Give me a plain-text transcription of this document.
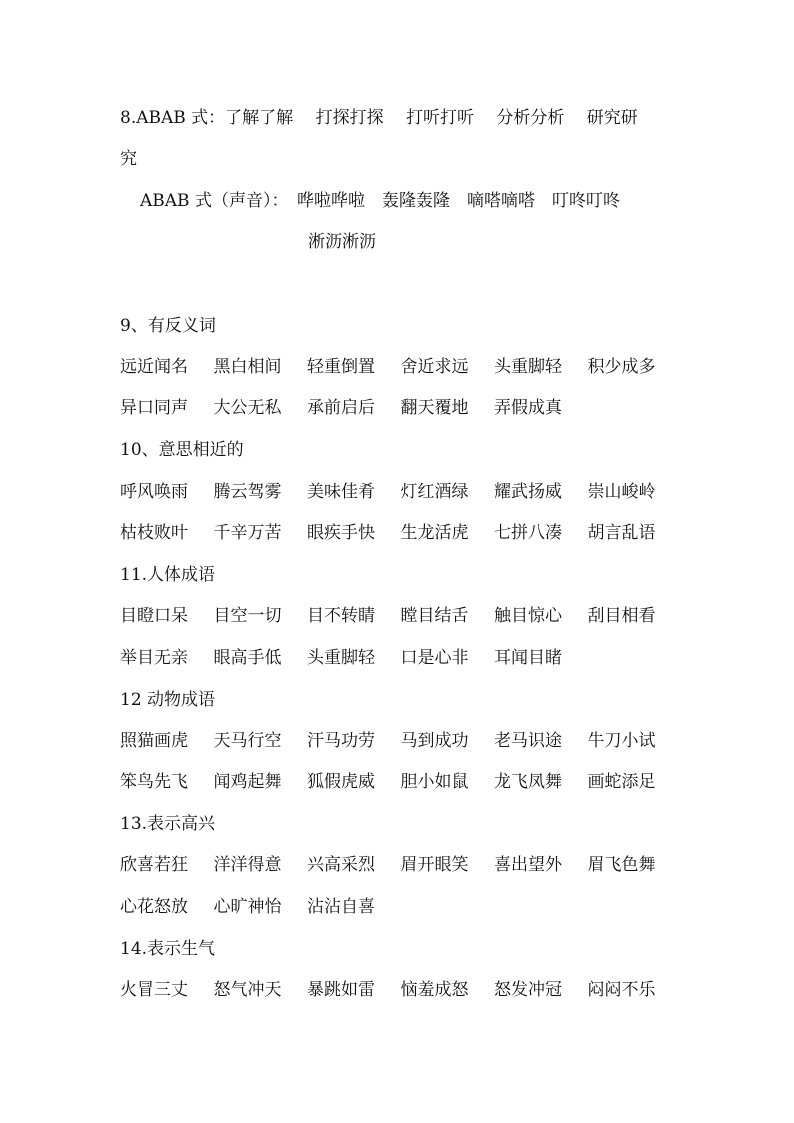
8.ABAB 式：了解了解　 打探打探　 打听打听　 分析分析　 研究研
究
ABAB 式（声音）：　哗啦哗啦　轰隆轰隆　嘀嗒嘀嗒　叮咚叮咚
淅沥淅沥
9、有反义词
远近闻名 黑白相间 轻重倒置 舍近求远 头重脚轻 积少成多
异口同声 大公无私 承前启后 翻天覆地 弄假成真
10、意思相近的
呼风唤雨 腾云驾雾 美味佳肴 灯红酒绿 耀武扬威 崇山峻岭
枯枝败叶 千辛万苦 眼疾手快 生龙活虎 七拼八凑 胡言乱语
11.人体成语
目瞪口呆 目空一切 目不转睛 瞠目结舌 触目惊心 刮目相看
举目无亲 眼高手低 头重脚轻 口是心非 耳闻目睹
12 动物成语
照猫画虎 天马行空 汗马功劳 马到成功 老马识途 牛刀小试
笨鸟先飞 闻鸡起舞 狐假虎威 胆小如鼠 龙飞凤舞 画蛇添足
13.表示高兴
欣喜若狂 洋洋得意 兴高采烈 眉开眼笑 喜出望外 眉飞色舞
心花怒放 心旷神怡 沾沾自喜
14.表示生气
火冒三丈 怒气冲天 暴跳如雷 恼羞成怒 怒发冲冠 闷闷不乐
